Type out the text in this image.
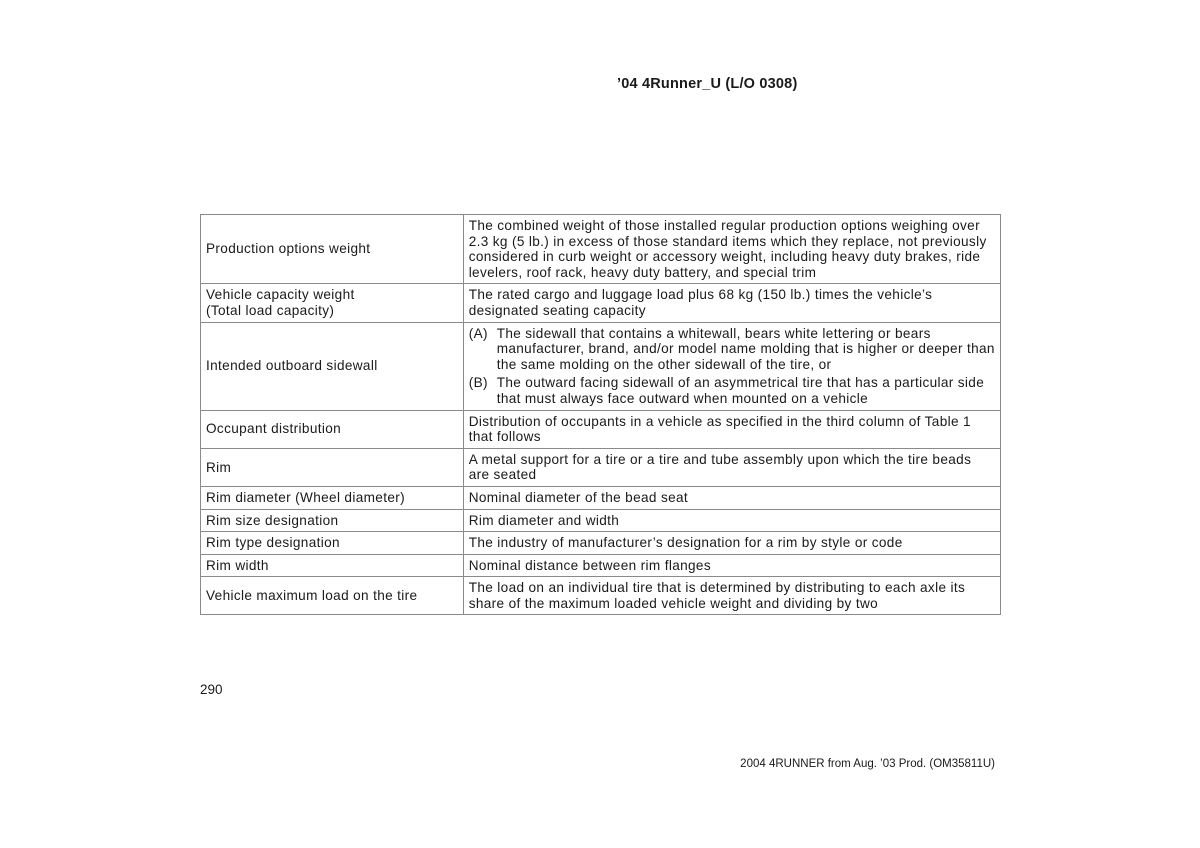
’04 4Runner_U (L/O 0308)
Production options weight	The combined weight of those installed regular production options weighing over 2.3 kg (5 lb.) in excess of those standard items which they replace, not previously considered in curb weight or accessory weight, including heavy duty brakes, ride levelers, roof rack, heavy duty battery, and special trim
Vehicle capacity weight
(Total load capacity)	The rated cargo and luggage load plus 68 kg (150 lb.) times the vehicle’s designated seating capacity
Intended outboard sidewall	(A) The sidewall that contains a whitewall, bears white lettering or bears manufacturer, brand, and/or model name molding that is higher or deeper than the same molding on the other sidewall of the tire, or
(B) The outward facing sidewall of an asymmetrical tire that has a particular side that must always face outward when mounted on a vehicle

Occupant distribution	Distribution of occupants in a vehicle as specified in the third column of Table 1 that follows
Rim	A metal support for a tire or a tire and tube assembly upon which the tire beads are seated
Rim diameter (Wheel diameter)	Nominal diameter of the bead seat
Rim size designation	Rim diameter and width
Rim type designation	The industry of manufacturer’s designation for a rim by style or code
Rim width	Nominal distance between rim flanges
Vehicle maximum load on the tire	The load on an individual tire that is determined by distributing to each axle its share of the maximum loaded vehicle weight and dividing by two
290
2004 4RUNNER from Aug. ’03 Prod. (OM35811U)
